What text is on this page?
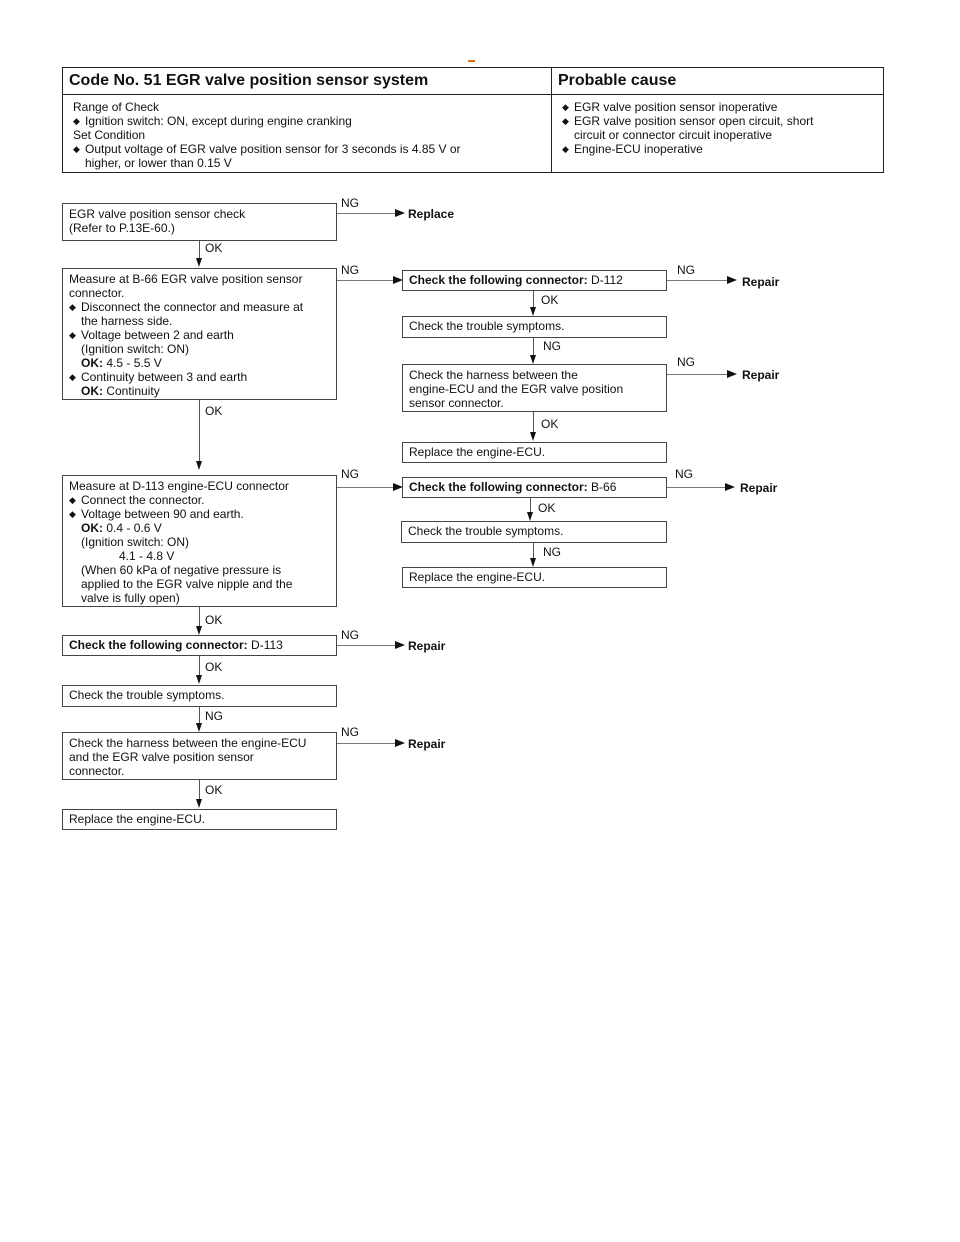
Code No. 51 EGR valve position sensor system
Range of Check
◆ Ignition switch: ON, except during engine cranking
Set Condition
◆ Output voltage of EGR valve position sensor for 3 seconds is 4.85 V or
higher, or lower than 0.15 V
Probable cause
◆ EGR valve position sensor inoperative
◆ EGR valve position sensor open circuit, short
circuit or connector circuit inoperative
◆ Engine-ECU inoperative
EGR valve position sensor check
(Refer to P.13E-60.)
NG
Replace
OK
Measure at B-66 EGR valve position sensor
connector.
◆ Disconnect the connector and measure at
the harness side.
◆ Voltage between 2 and earth
(Ignition switch: ON)
OK: 4.5 - 5.5 V
◆ Continuity between 3 and earth
OK: Continuity
NG
OK
Measure at D-113 engine-ECU connector
◆ Connect the connector.
◆ Voltage between 90 and earth.
OK: 0.4 - 0.6 V
(Ignition switch: ON)
4.1 - 4.8 V
(When 60 kPa of negative pressure is
applied to the EGR valve nipple and the
valve is fully open)
NG
OK
Check the following connector: D-113
NG
Repair
OK
Check the trouble symptoms.
NG
Check the harness between the engine-ECU
and the EGR valve position sensor
connector.
NG
Repair
OK
Replace the engine-ECU.
Check the following connector: D-112
NG
Repair
OK
Check the trouble symptoms.
NG
Check the harness between the
engine-ECU and the EGR valve position
sensor connector.
NG
Repair
OK
Replace the engine-ECU.
Check the following connector: B-66
NG
Repair
OK
Check the trouble symptoms.
NG
Replace the engine-ECU.
